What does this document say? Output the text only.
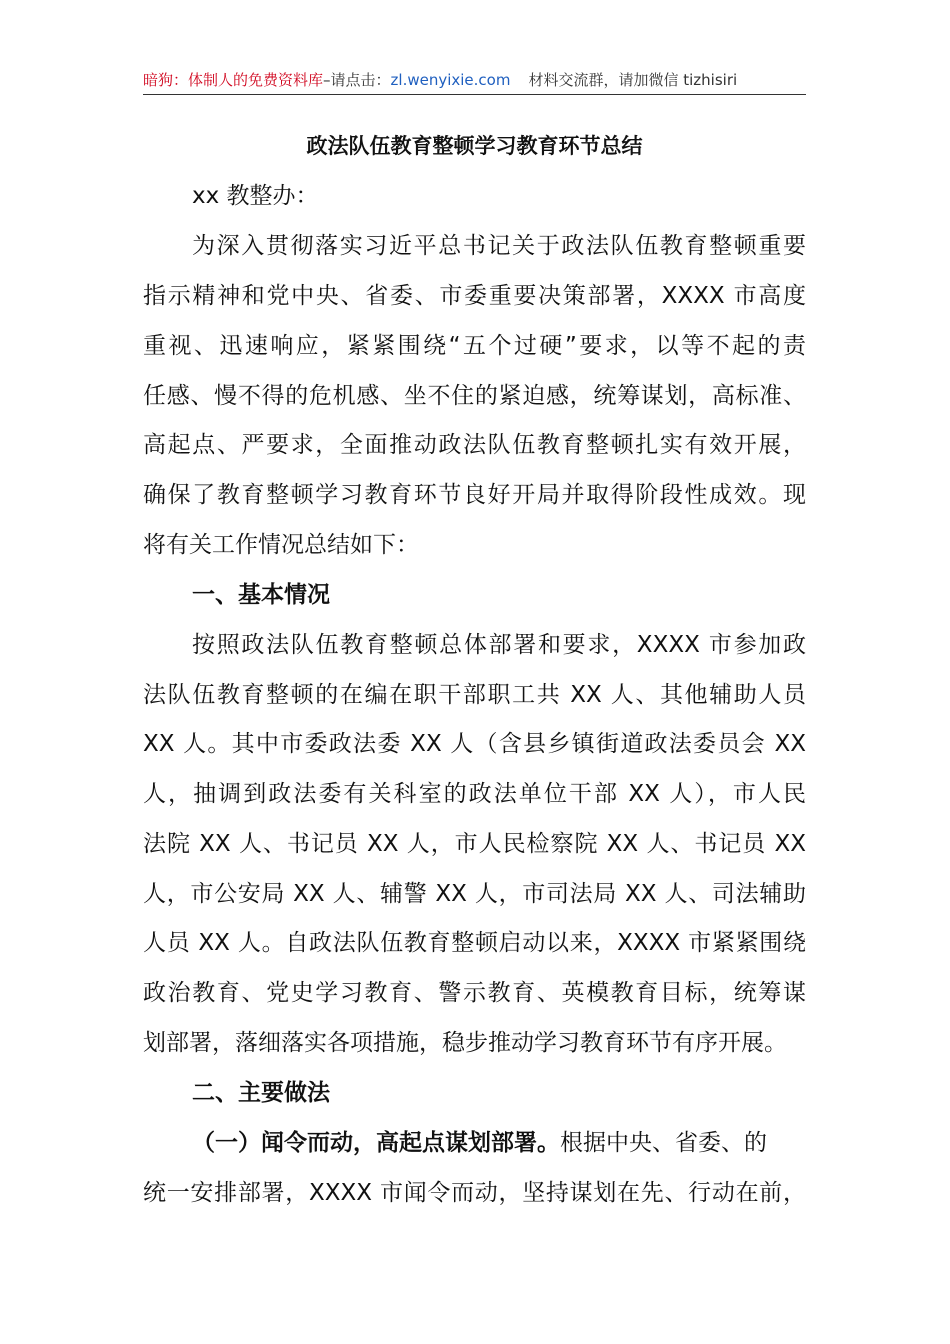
暗狗：体制人的免费资料库–请点击：zl.wenyixie.com 材料交流群，请加微信 tizhisiri
政法队伍教育整顿学习教育环节总结
xx 教整办：
为深入贯彻落实习近平总书记关于政法队伍教育整顿重要
指示精神和党中央、省委、市委重要决策部署，XXXX 市高度
重视、迅速响应，紧紧围绕“五个过硬”要求，以等不起的责
任感、慢不得的危机感、坐不住的紧迫感，统筹谋划，高标准、
高起点、严要求，全面推动政法队伍教育整顿扎实有效开展，
确保了教育整顿学习教育环节良好开局并取得阶段性成效。现
将有关工作情况总结如下：
一、基本情况
按照政法队伍教育整顿总体部署和要求，XXXX 市参加政
法队伍教育整顿的在编在职干部职工共 XX 人、其他辅助人员
XX 人。其中市委政法委 XX 人（含县乡镇街道政法委员会 XX
人，抽调到政法委有关科室的政法单位干部 XX 人），市人民
法院 XX 人、书记员 XX 人，市人民检察院 XX 人、书记员 XX
人，市公安局 XX 人、辅警 XX 人，市司法局 XX 人、司法辅助
人员 XX 人。自政法队伍教育整顿启动以来，XXXX 市紧紧围绕
政治教育、党史学习教育、警示教育、英模教育目标，统筹谋
划部署，落细落实各项措施，稳步推动学习教育环节有序开展。
二、主要做法
（一）闻令而动，高起点谋划部署。根据中央、省委、的
统一安排部署，XXXX 市闻令而动，坚持谋划在先、行动在前，
